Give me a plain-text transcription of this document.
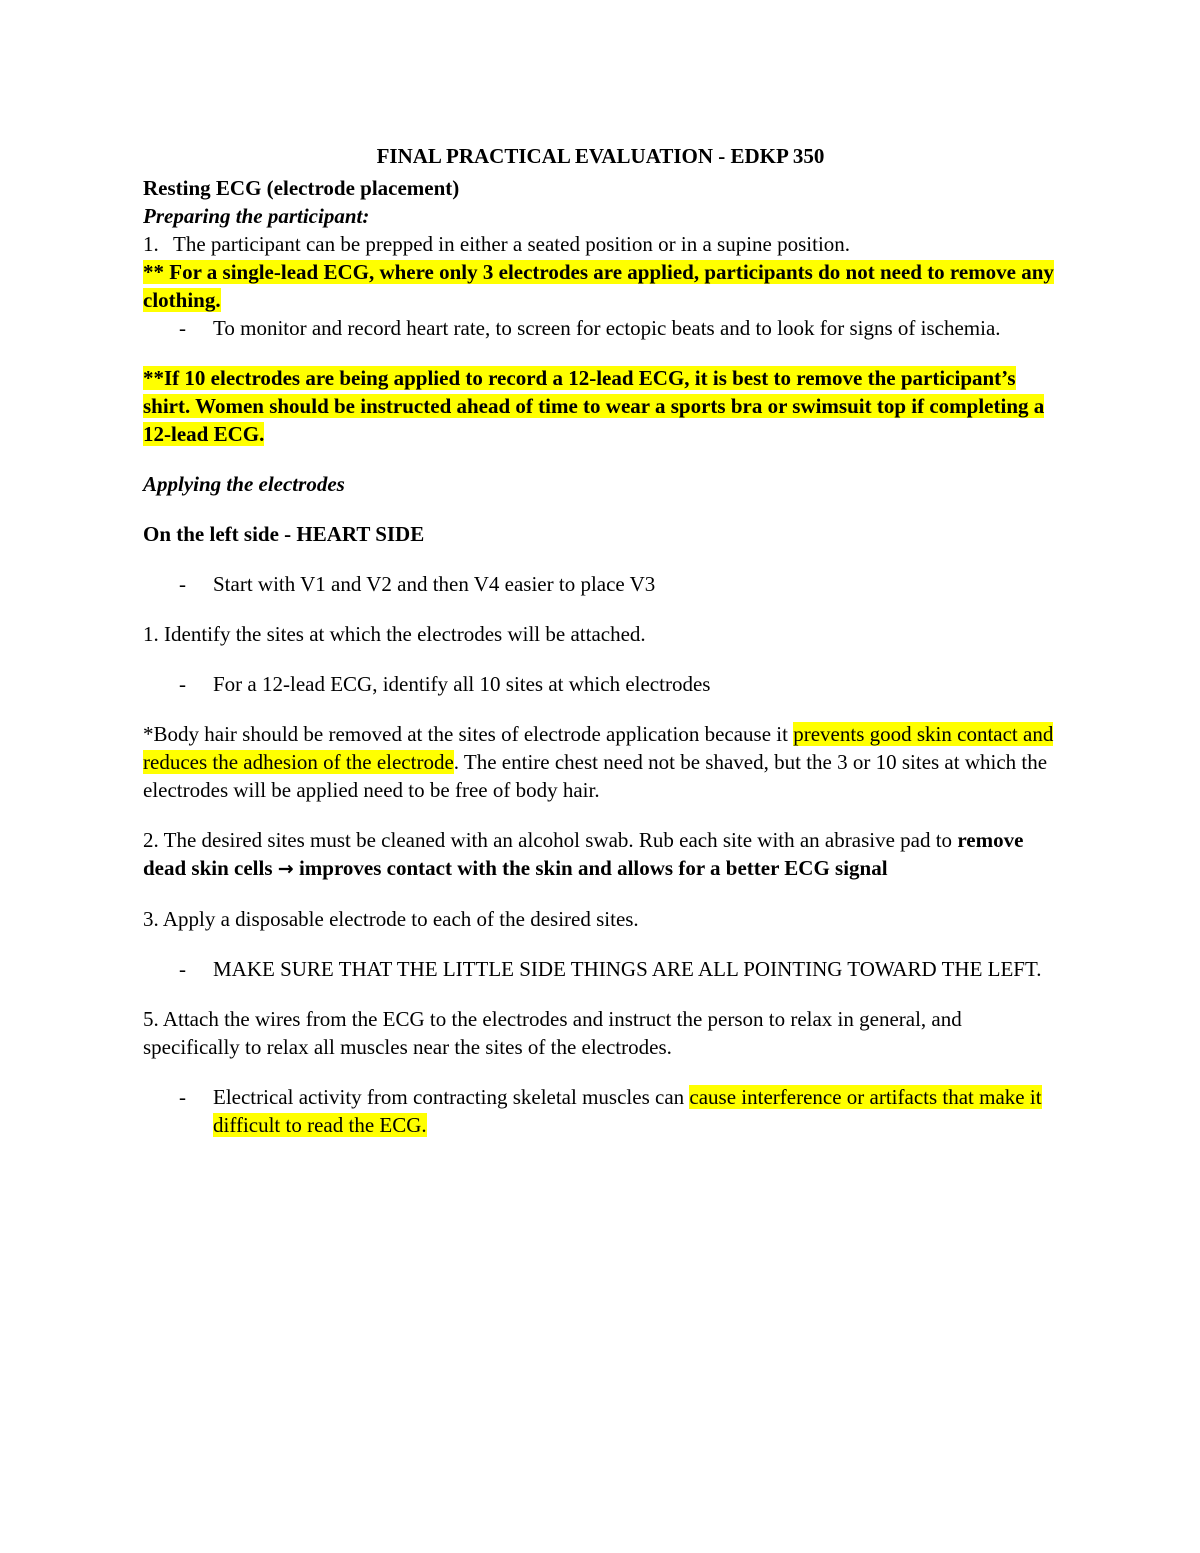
FINAL PRACTICAL EVALUATION - EDKP 350

Resting ECG (electrode placement)

Preparing the participant:

1. The participant can be prepped in either a seated position or in a supine position.

** For a single-lead ECG, where only 3 electrodes are applied, participants do not need to remove any clothing.

-	To monitor and record heart rate, to screen for ectopic beats and to look for signs of ischemia.

**If 10 electrodes are being applied to record a 12-lead ECG, it is best to remove the participant’s shirt. Women should be instructed ahead of time to wear a sports bra or swimsuit top if completing a 12-lead ECG.

Applying the electrodes

On the left side - HEART SIDE

-	Start with V1 and V2 and then V4 easier to place V3

1. Identify the sites at which the electrodes will be attached.

-	For a 12-lead ECG, identify all 10 sites at which electrodes

*Body hair should be removed at the sites of electrode application because it prevents good skin contact and reduces the adhesion of the electrode. The entire chest need not be shaved, but the 3 or 10 sites at which the electrodes will be applied need to be free of body hair.

2. The desired sites must be cleaned with an alcohol swab. Rub each site with an abrasive pad to remove dead skin cells → improves contact with the skin and allows for a better ECG signal

3. Apply a disposable electrode to each of the desired sites.

-	MAKE SURE THAT THE LITTLE SIDE THINGS ARE ALL POINTING TOWARD THE LEFT.

5. Attach the wires from the ECG to the electrodes and instruct the person to relax in general, and specifically to relax all muscles near the sites of the electrodes.

-	Electrical activity from contracting skeletal muscles can cause interference or artifacts that make it difficult to read the ECG.
